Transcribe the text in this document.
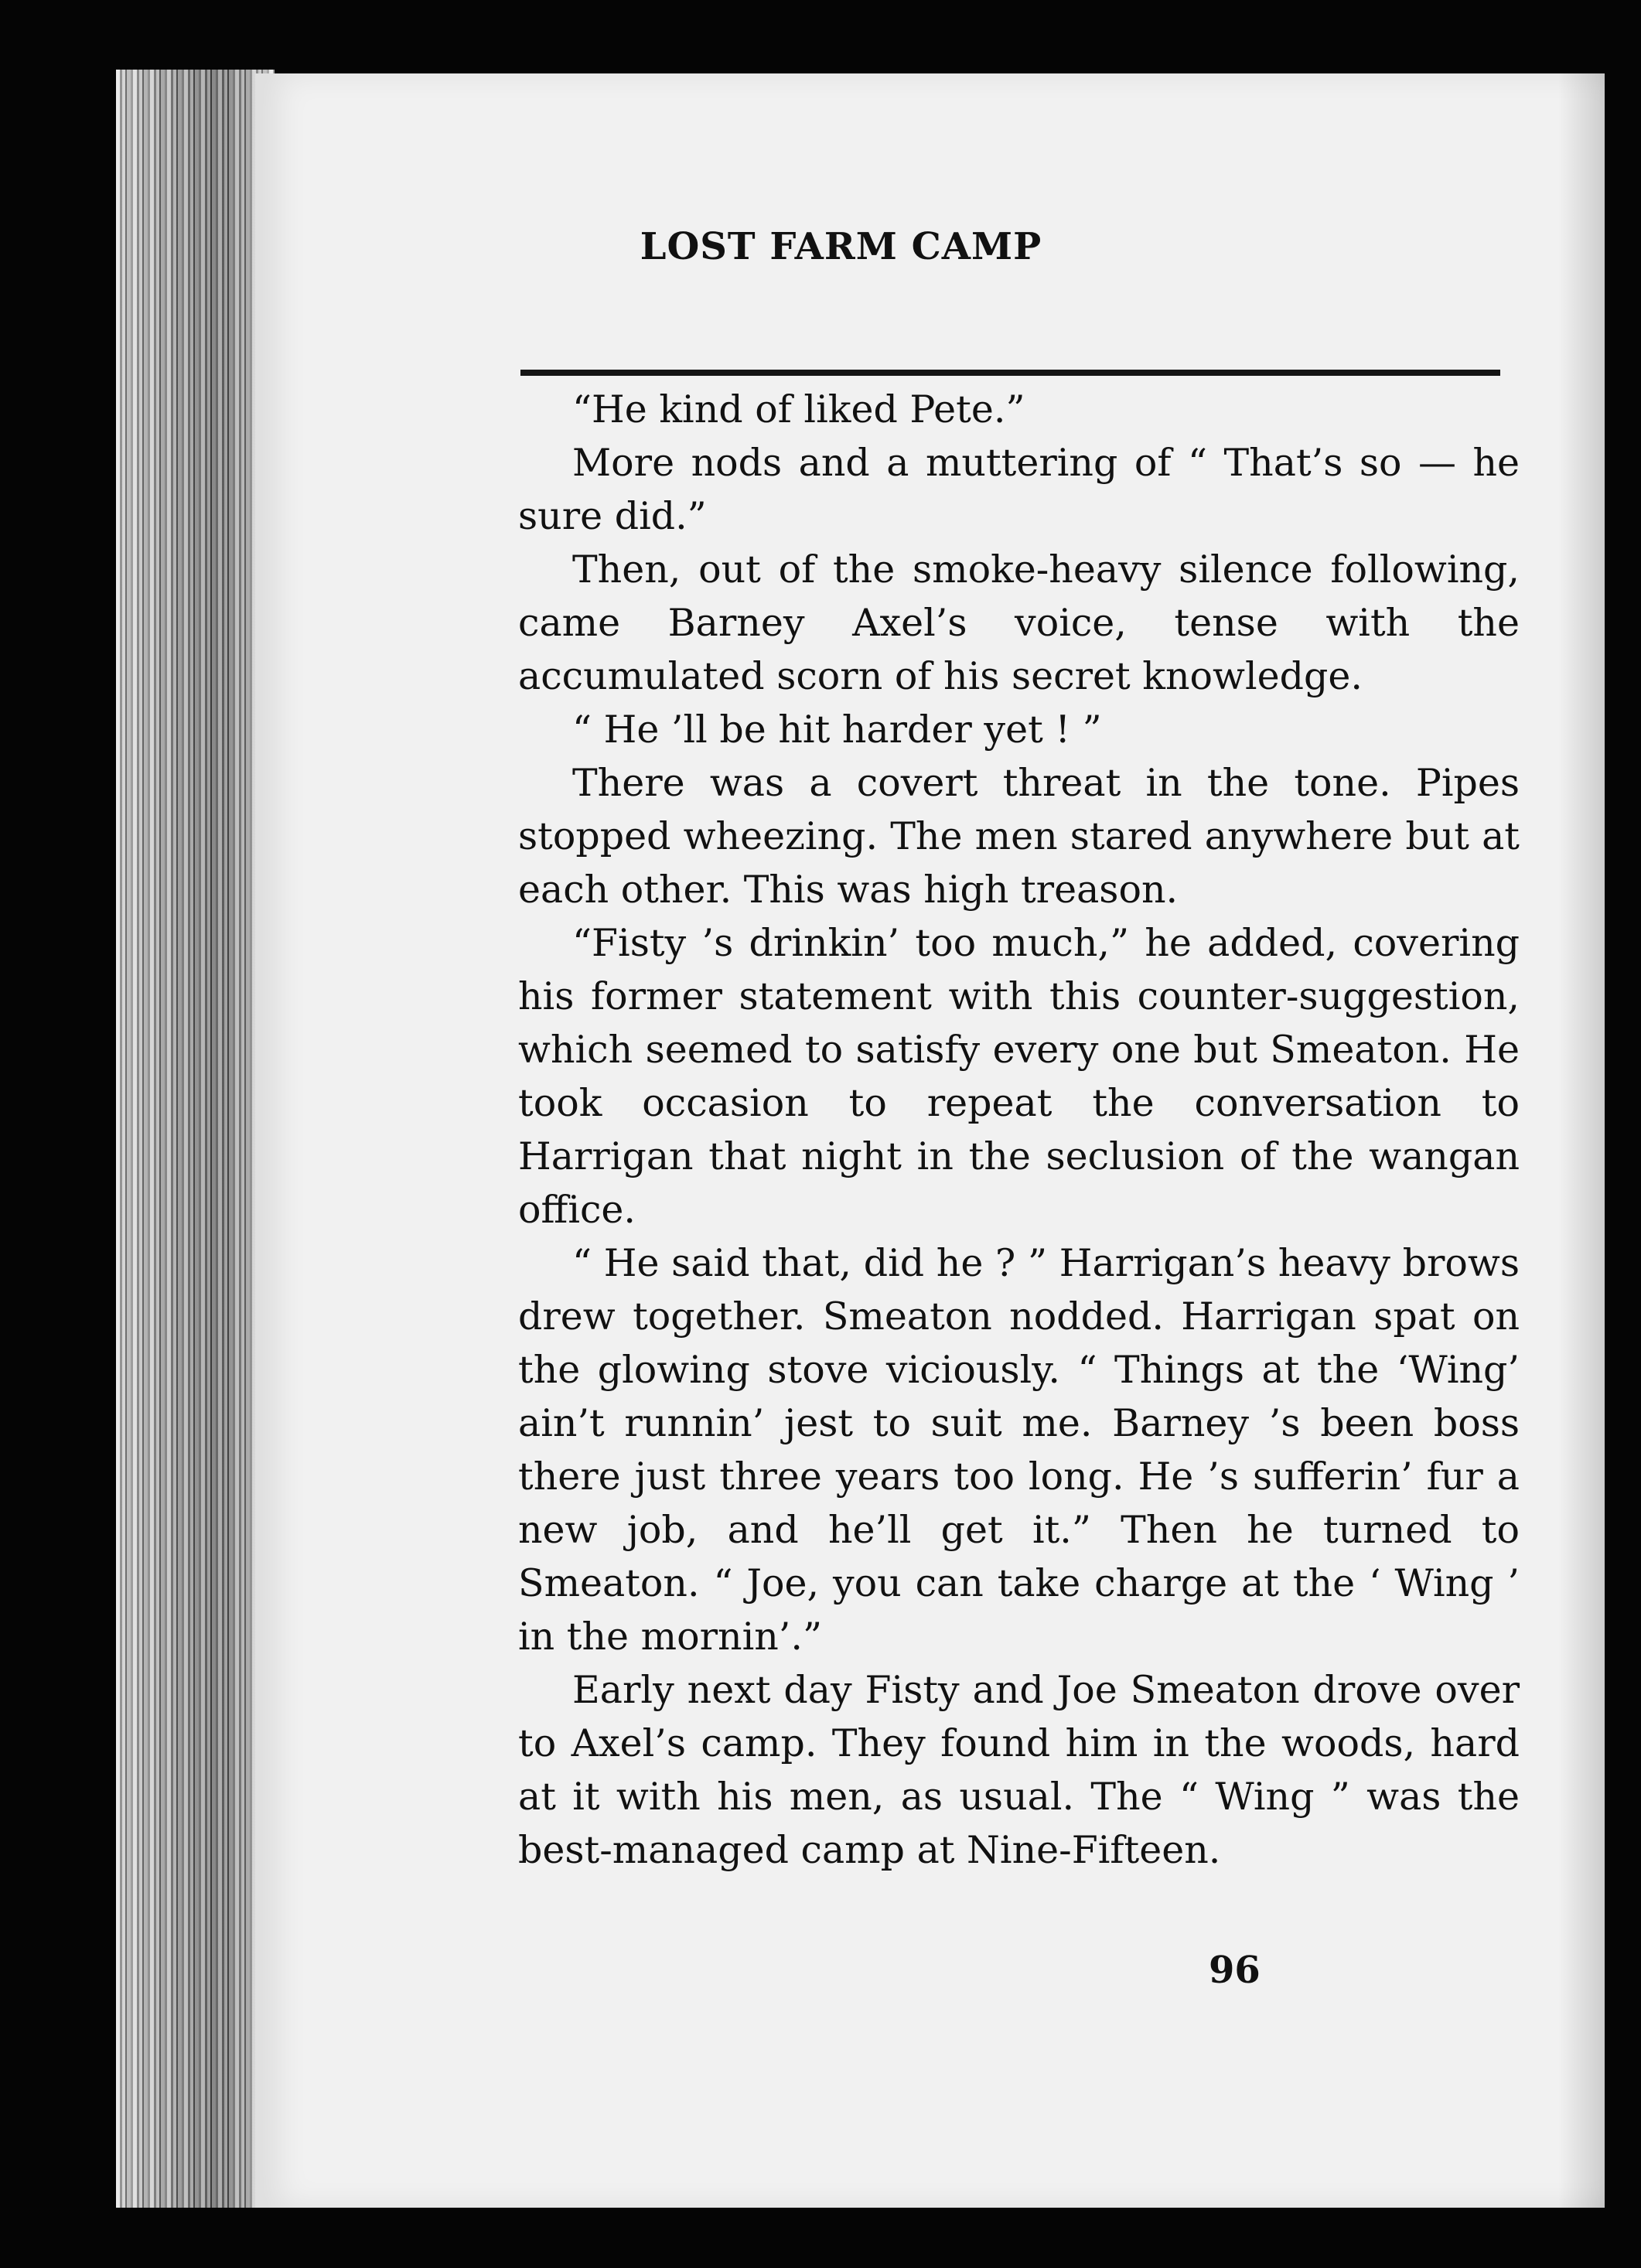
LOST FARM CAMP

“He kind of liked Pete.”

More nods and a muttering of “ That’s so — he sure did.”

Then, out of the smoke-heavy silence following, came Barney Axel’s voice, tense with the accumulated scorn of his secret knowledge.

“ He ’ll be hit harder yet ! ”

There was a covert threat in the tone. Pipes stopped wheezing. The men stared anywhere but at each other. This was high treason.

“Fisty ’s drinkin’ too much,” he added, covering his former statement with this counter-suggestion, which seemed to satisfy every one but Smeaton. He took occasion to repeat the conversation to Harrigan that night in the seclusion of the wangan office.

“ He said that, did he ? ” Harrigan’s heavy brows drew together. Smeaton nodded. Harrigan spat on the glowing stove viciously. “ Things at the ‘Wing’ ain’t runnin’ jest to suit me. Barney ’s been boss there just three years too long. He ’s sufferin’ fur a new job, and he’ll get it.” Then he turned to Smeaton. “ Joe, you can take charge at the ‘ Wing ’ in the mornin’.”

Early next day Fisty and Joe Smeaton drove over to Axel’s camp. They found him in the woods, hard at it with his men, as usual. The “ Wing ” was the best-managed camp at Nine-Fifteen.

96
